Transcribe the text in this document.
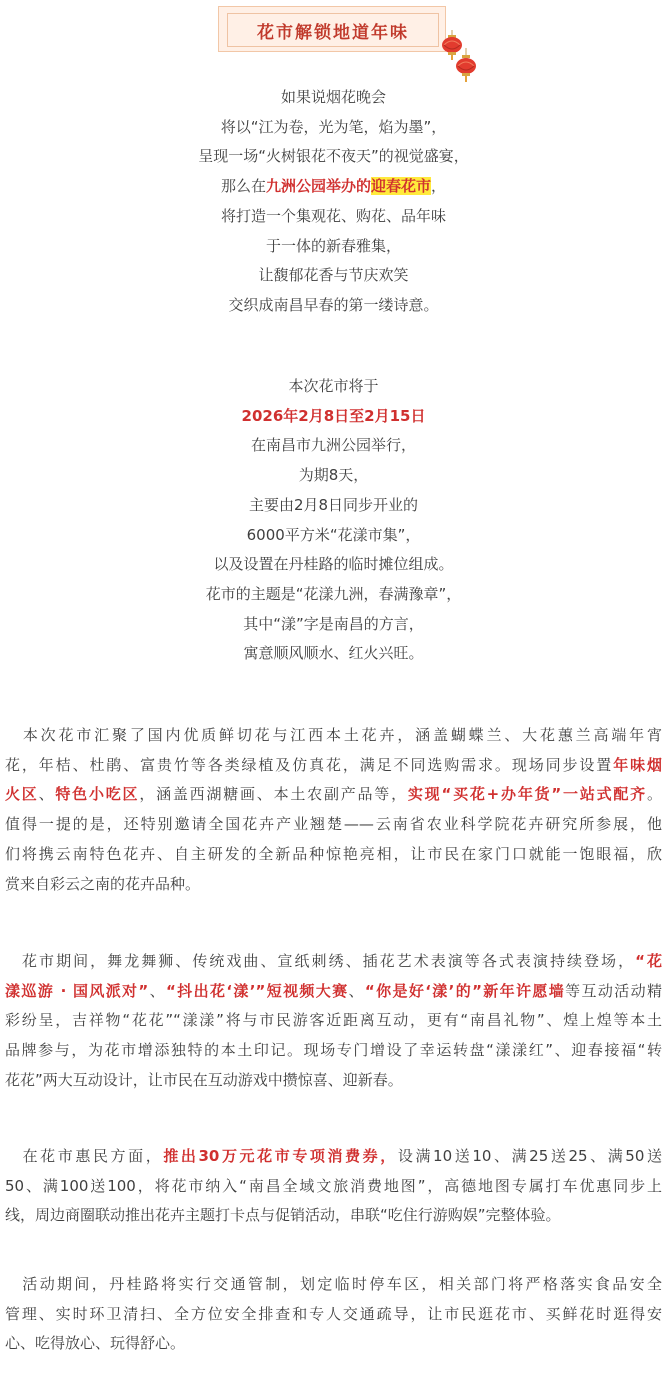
花市解锁地道年味
如果说烟花晚会
将以“江为卷，光为笔，焰为墨”，
呈现一场“火树银花不夜天”的视觉盛宴，
那么在九洲公园举办的迎春花市，
将打造一个集观花、购花、品年味
于一体的新春雅集，
让馥郁花香与节庆欢笑
交织成南昌早春的第一缕诗意。
本次花市将于
2026年2月8日至2月15日
在南昌市九洲公园举行，
为期8天，
主要由2月8日同步开业的
6000平方米“花漾市集”，
以及设置在丹桂路的临时摊位组成。
花市的主题是“花漾九洲，春满豫章”，
其中“漾”字是南昌的方言，
寓意顺风顺水、红火兴旺。
　本次花市汇聚了国内优质鲜切花与江西本土花卉，涵盖蝴蝶兰、大花蕙兰高端年宵
花，年桔、杜鹃、富贵竹等各类绿植及仿真花，满足不同选购需求。现场同步设置年味烟
火区、特色小吃区，涵盖西湖糖画、本土农副产品等，实现“买花+办年货”一站式配齐。
值得一提的是，还特别邀请全国花卉产业翘楚——云南省农业科学院花卉研究所参展，他
们将携云南特色花卉、自主研发的全新品种惊艳亮相，让市民在家门口就能一饱眼福，欣
赏来自彩云之南的花卉品种。
　花市期间，舞龙舞狮、传统戏曲、宣纸刺绣、插花艺术表演等各式表演持续登场，“花
漾巡游 · 国风派对”、“抖出花‘漾’”短视频大赛、“你是好‘漾’的”新年许愿墙等互动活动精
彩纷呈，吉祥物“花花”“漾漾”将与市民游客近距离互动，更有“南昌礼物”、煌上煌等本土
品牌参与，为花市增添独特的本土印记。现场专门增设了幸运转盘“漾漾红”、迎春接福“转
花花”两大互动设计，让市民在互动游戏中攒惊喜、迎新春。
　在花市惠民方面，推出30万元花市专项消费券，设满10送10、满25送25、满50送
50、满100送100，将花市纳入“南昌全域文旅消费地图”，高德地图专属打车优惠同步上
线，周边商圈联动推出花卉主题打卡点与促销活动，串联“吃住行游购娱”完整体验。
　活动期间，丹桂路将实行交通管制，划定临时停车区，相关部门将严格落实食品安全
管理、实时环卫清扫、全方位安全排查和专人交通疏导，让市民逛花市、买鲜花时逛得安
心、吃得放心、玩得舒心。
